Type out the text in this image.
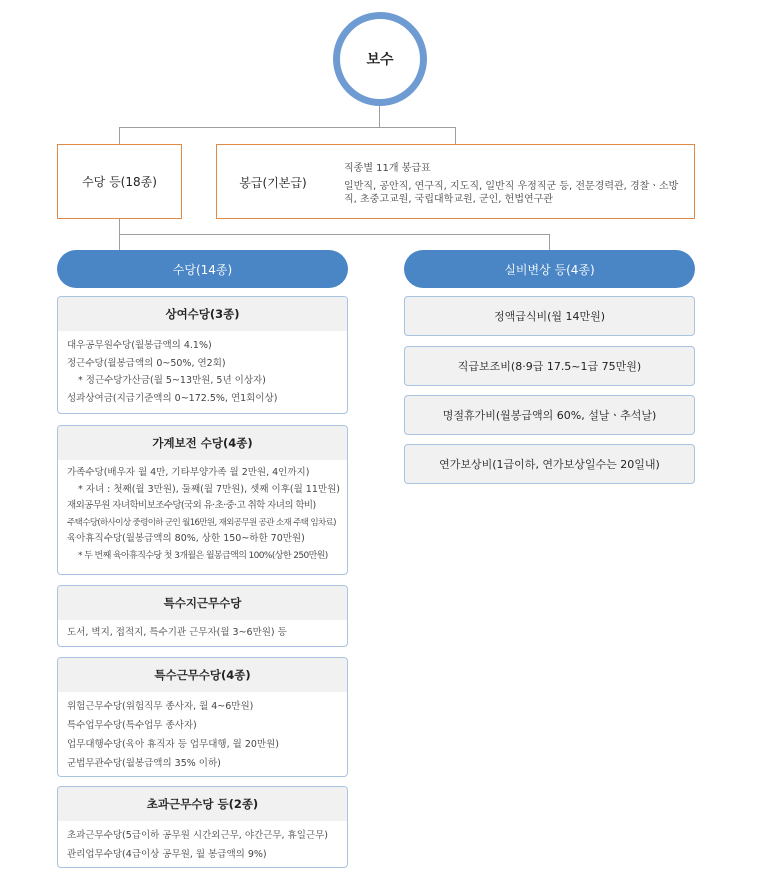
보수
수당 등(18종)	봉급(기본급)
직종별 11개 봉급표
일반직, 공안직, 연구직, 지도직, 일반직 우정직군 등, 전문경력관, 경찰ㆍ소방직, 초중고교원, 국립대학교원, 군인, 헌법연구관
수당(14종)	실비변상 등(4종)
상여수당(3종)
대우공무원수당(월봉급액의 4.1%)
정근수당(월봉급액의 0~50%, 연2회)
* 정근수당가산금(월 5~13만원, 5년 이상자)
성과상여금(지급기준액의 0~172.5%, 연1회이상)
가계보전 수당(4종)
가족수당(배우자 월 4만, 기타부양가족 월 2만원, 4인까지)
* 자녀 : 첫째(월 3만원), 둘째(월 7만원), 셋째 이후(월 11만원)
재외공무원 자녀학비보조수당(국외 유·초·중·고 취학 자녀의 학비)
주택수당(하사이상 중령이하 군인 월16만원, 재외공무원 공관 소재 주택 임차료)
육아휴직수당(월봉급액의 80%, 상한 150~하한 70만원)
* 두 번째 육아휴직수당 첫 3개월은 월봉급액의 100%(상한 250만원)
특수지근무수당
도서, 벽지, 접적지, 특수기관 근무자(월 3~6만원) 등
특수근무수당(4종)
위험근무수당(위험직무 종사자, 월 4~6만원)
특수업무수당(특수업무 종사자)
업무대행수당(육아 휴직자 등 업무대행, 월 20만원)
군법무관수당(월봉급액의 35% 이하)
초과근무수당 등(2종)
초과근무수당(5급이하 공무원 시간외근무, 야간근무, 휴일근무)
관리업무수당(4급이상 공무원, 월 봉급액의 9%)
정액급식비(월 14만원)
직급보조비(8·9급 17.5~1급 75만원)
명절휴가비(월봉급액의 60%, 설날ㆍ추석날)
연가보상비(1급이하, 연가보상일수는 20일내)
